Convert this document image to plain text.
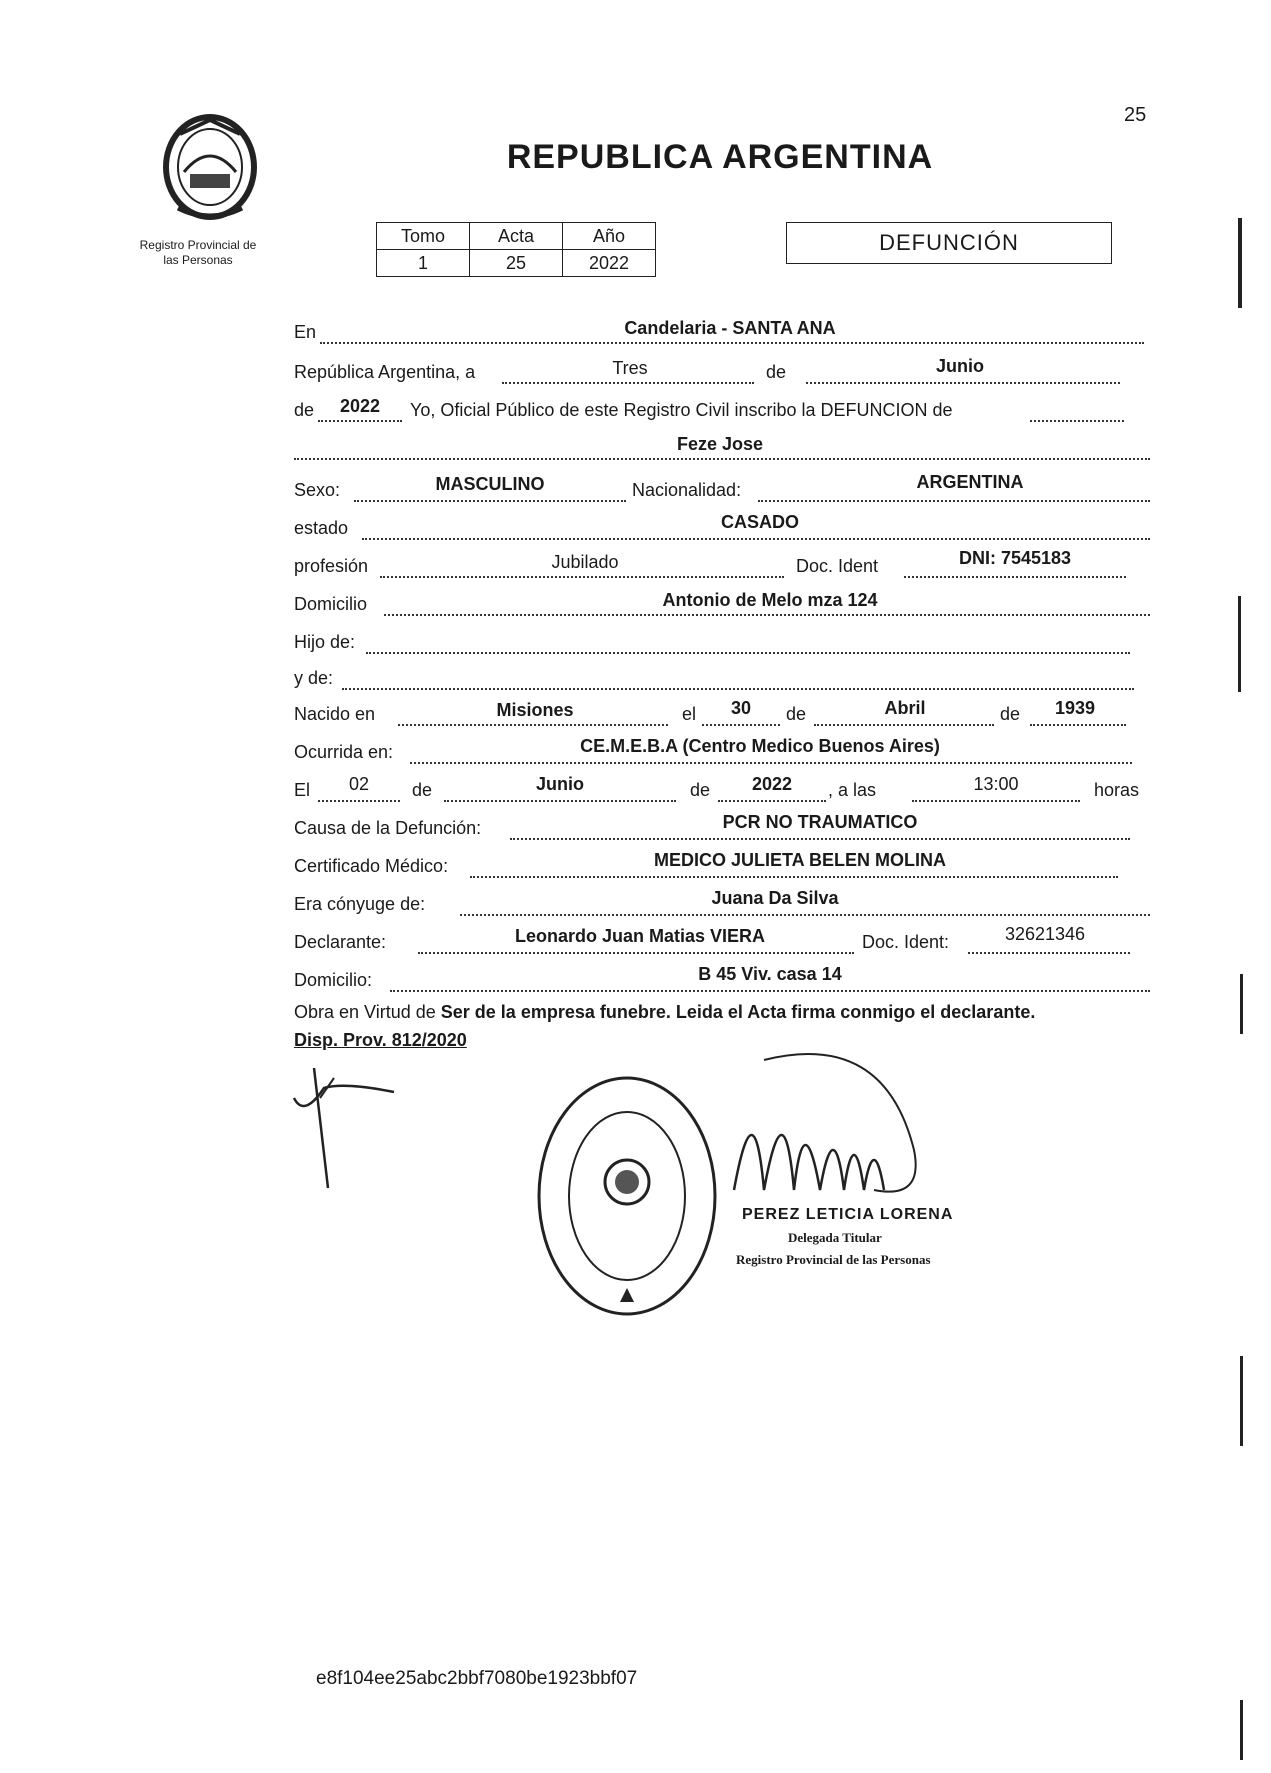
25
Registro Provincial de
las Personas
REPUBLICA ARGENTINA
Tomo	Acta	Año
1	25	2022
DEFUNCIÓN
En	Candelaria - SANTA ANA
República Argentina, a	Tres	de	Junio
de	2022	Yo, Oficial Público de este Registro Civil inscribo la DEFUNCION de
Feze Jose
Sexo:	MASCULINO	Nacionalidad:	ARGENTINA
estado	CASADO
profesión	Jubilado	Doc. Ident	DNI: 7545183
Domicilio	Antonio de Melo mza 124
Hijo de:
y de:
Nacido en	Misiones	el	30	de	Abril	de	1939
Ocurrida en:	CE.M.E.B.A (Centro Medico Buenos Aires)
El	02	de	Junio	de	2022	, a las	13:00	horas
Causa de la Defunción:	PCR NO TRAUMATICO
Certificado Médico:	MEDICO JULIETA BELEN MOLINA
Era cónyuge de:	Juana Da Silva
Declarante:	Leonardo Juan Matias VIERA	Doc. Ident:	32621346
Domicilio:	B 45 Viv. casa 14
Obra en Virtud de Ser de la empresa funebre. Leida el Acta firma conmigo el declarante.
Disp. Prov. 812/2020
PEREZ LETICIA LORENA
Delegada Titular
Registro Provincial de las Personas
e8f104ee25abc2bbf7080be1923bbf07
